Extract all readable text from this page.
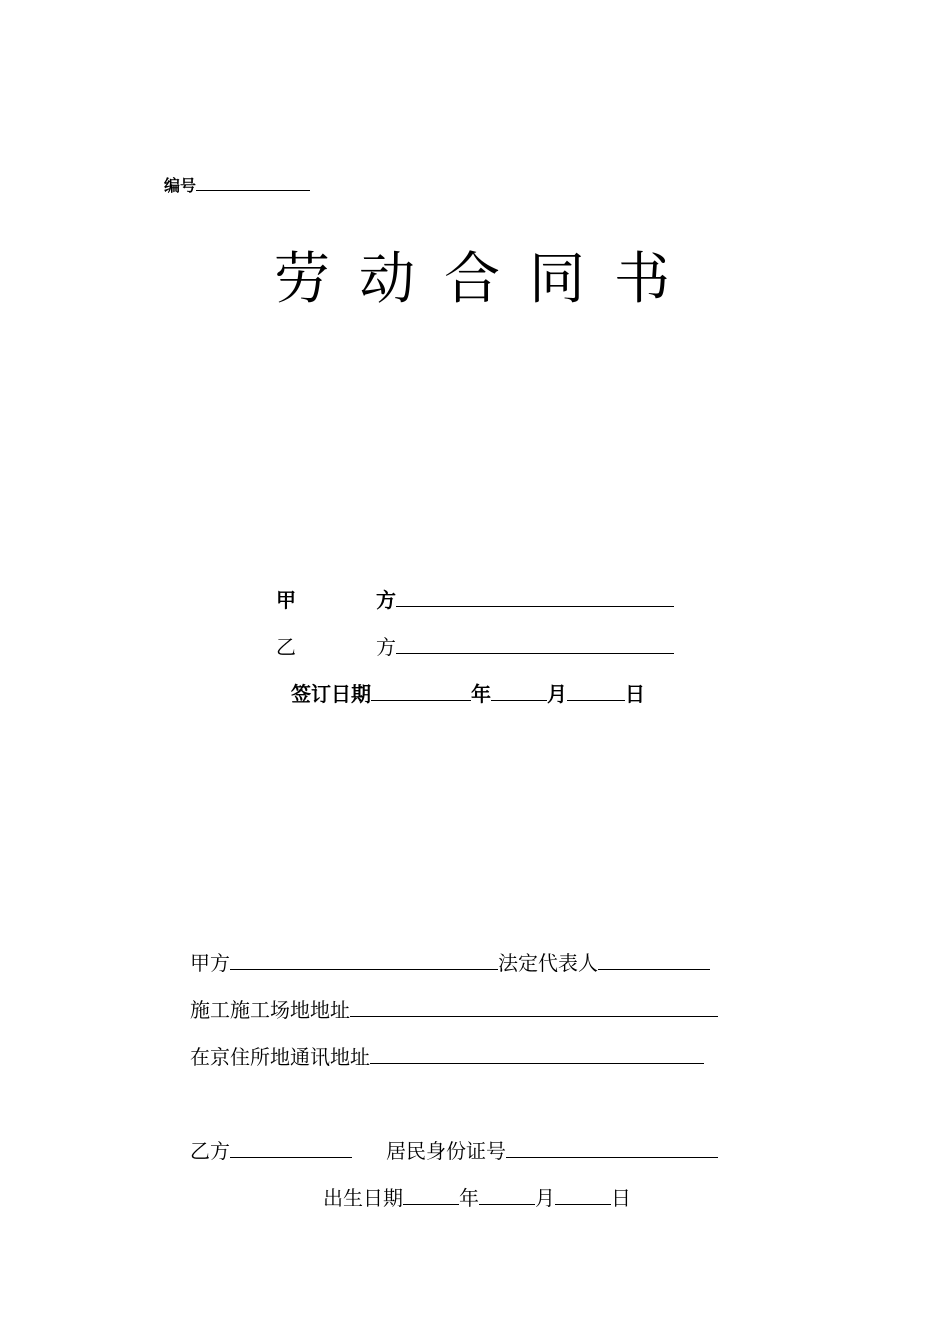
编号
劳动合同书
甲	方
乙	方
签订日期	年	月	日
甲方	法定代表人
施工施工场地地址
在京住所地通讯地址
乙方	居民身份证号
出生日期	年	月	日
